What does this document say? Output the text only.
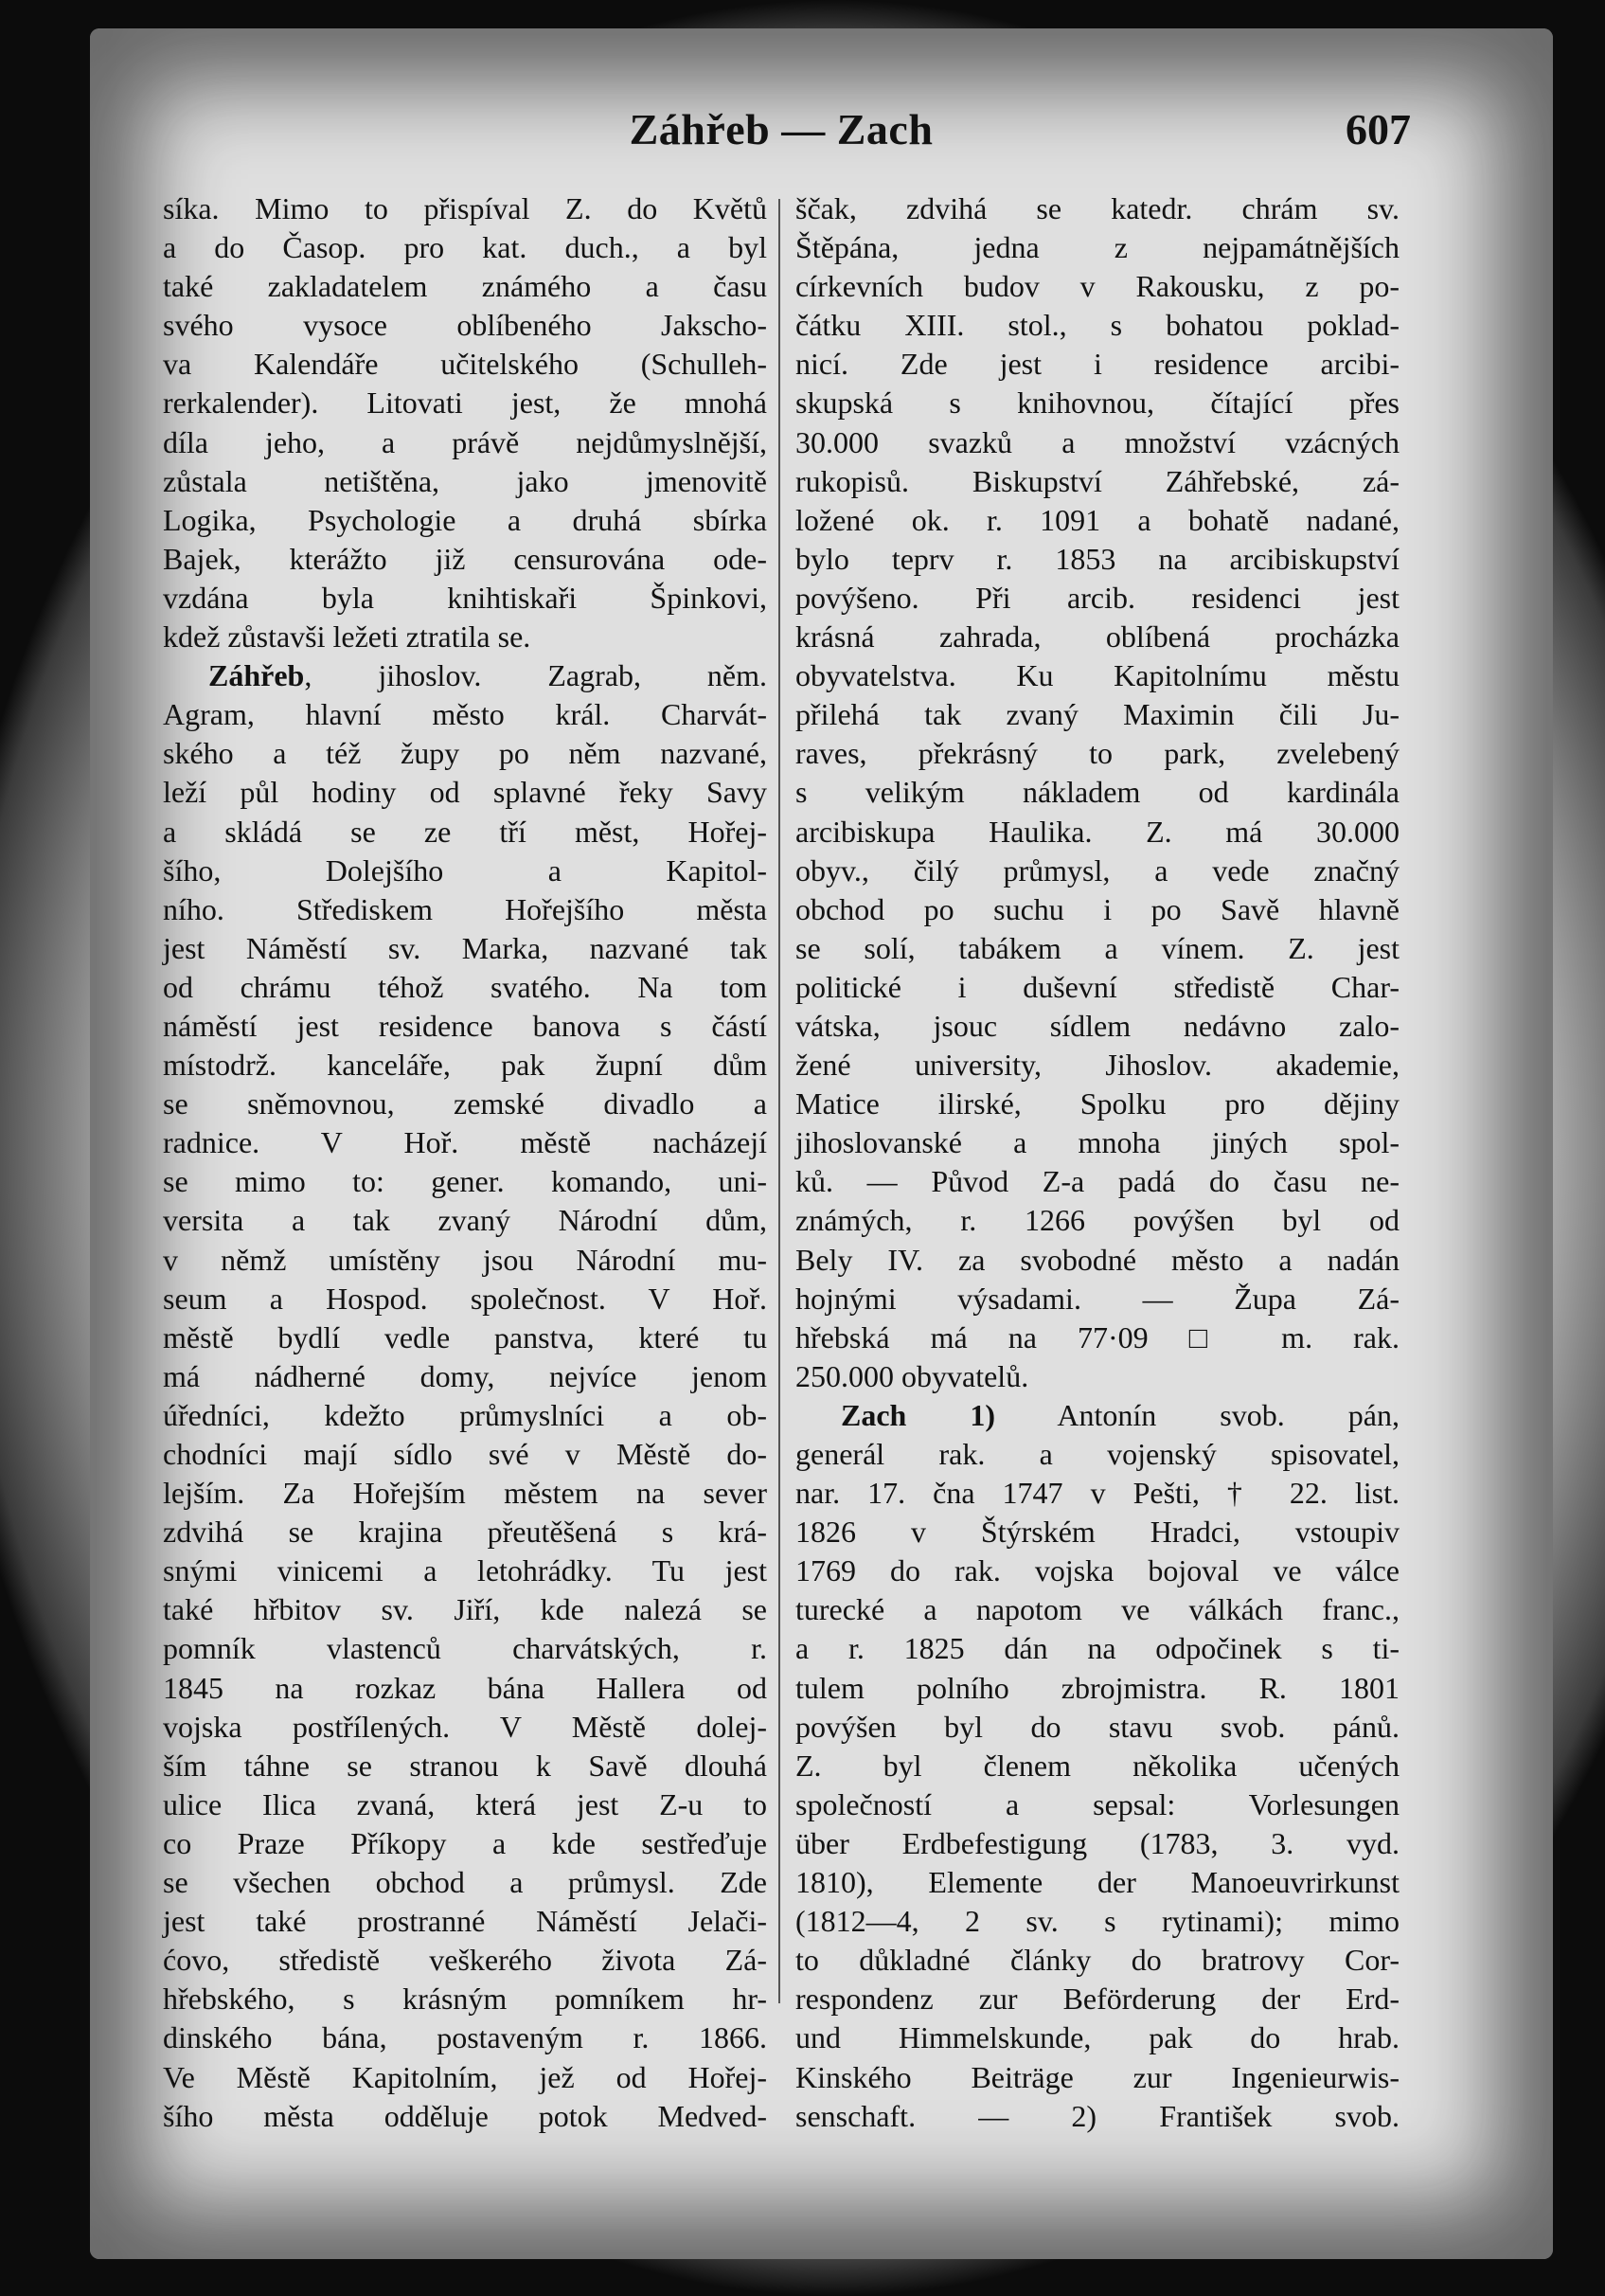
Záhřeb — Zach	607
síka. Mimo to přispíval Z. do Květů
a do Časop. pro kat. duch., a byl
také zakladatelem známého a času
svého vysoce oblíbeného Jakscho-
va Kalendáře učitelského (Schulleh-
rerkalender). Litovati jest, že mnohá
díla jeho, a právě nejdůmyslnější,
zůstala netištěna, jako jmenovitě
Logika, Psychologie a druhá sbírka
Bajek, kterážto již censurována ode-
vzdána byla knihtiskaři Špinkovi,
kdež zůstavši ležeti ztratila se.
Záhřeb, jihoslov. Zagrab, něm.
Agram, hlavní město král. Charvát-
ského a též župy po něm nazvané,
leží půl hodiny od splavné řeky Savy
a skládá se ze tří měst, Hořej-
šího, Dolejšího a Kapitol-
ního. Střediskem Hořejšího města
jest Náměstí sv. Marka, nazvané tak
od chrámu téhož svatého. Na tom
náměstí jest residence banova s částí
místodrž. kanceláře, pak župní dům
se sněmovnou, zemské divadlo a
radnice. V Hoř. městě nacházejí
se mimo to: gener. komando, uni-
versita a tak zvaný Národní dům,
v němž umístěny jsou Národní mu-
seum a Hospod. společnost. V Hoř.
městě bydlí vedle panstva, které tu
má nádherné domy, nejvíce jenom
úředníci, kdežto průmyslníci a ob-
chodníci mají sídlo své v Městě do-
lejším. Za Hořejším městem na sever
zdvihá se krajina přeutěšená s krá-
snými vinicemi a letohrádky. Tu jest
také hřbitov sv. Jiří, kde nalezá se
pomník vlastenců charvátských, r.
1845 na rozkaz bána Hallera od
vojska postřílených. V Městě dolej-
ším táhne se stranou k Savě dlouhá
ulice Ilica zvaná, která jest Z-u to
co Praze Příkopy a kde sestřeďuje
se všechen obchod a průmysl. Zde
jest také prostranné Náměstí Jelači-
ćovo, středistě veškerého života Zá-
hřebského, s krásným pomníkem hr-
dinského bána, postaveným r. 1866.
Ve Městě Kapitolním, jež od Hořej-
šího města odděluje potok Medved-
ščak, zdvihá se katedr. chrám sv.
Štěpána, jedna z nejpamátnějších
církevních budov v Rakousku, z po-
čátku XIII. stol., s bohatou poklad-
nicí. Zde jest i residence arcibi-
skupská s knihovnou, čítající přes
30.000 svazků a množství vzácných
rukopisů. Biskupství Záhřebské, zá-
ložené ok. r. 1091 a bohatě nadané,
bylo teprv r. 1853 na arcibiskupství
povýšeno. Při arcib. residenci jest
krásná zahrada, oblíbená procházka
obyvatelstva. Ku Kapitolnímu městu
přilehá tak zvaný Maximin čili Ju-
raves, překrásný to park, zvelebený
s velikým nákladem od kardinála
arcibiskupa Haulika. Z. má 30.000
obyv., čilý průmysl, a vede značný
obchod po suchu i po Savě hlavně
se solí, tabákem a vínem. Z. jest
politické i duševní středistě Char-
vátska, jsouc sídlem nedávno zalo-
žené university, Jihoslov. akademie,
Matice ilirské, Spolku pro dějiny
jihoslovanské a mnoha jiných spol-
ků. — Původ Z-a padá do času ne-
známých, r. 1266 povýšen byl od
Bely IV. za svobodné město a nadán
hojnými výsadami. — Župa Zá-
hřebská má na 77·09 □ m. rak.
250.000 obyvatelů.
Zach 1) Antonín svob. pán,
generál rak. a vojenský spisovatel,
nar. 17. čna 1747 v Pešti, † 22. list.
1826 v Štýrském Hradci, vstoupiv
1769 do rak. vojska bojoval ve válce
turecké a napotom ve válkách franc.,
a r. 1825 dán na odpočinek s ti-
tulem polního zbrojmistra. R. 1801
povýšen byl do stavu svob. pánů.
Z. byl členem několika učených
společností a sepsal: Vorlesungen
über Erdbefestigung (1783, 3. vyd.
1810), Elemente der Manoeuvrirkunst
(1812—4, 2 sv. s rytinami); mimo
to důkladné články do bratrovy Cor-
respondenz zur Beförderung der Erd-
und Himmelskunde, pak do hrab.
Kinského Beiträge zur Ingenieurwis-
senschaft. — 2) František svob.
